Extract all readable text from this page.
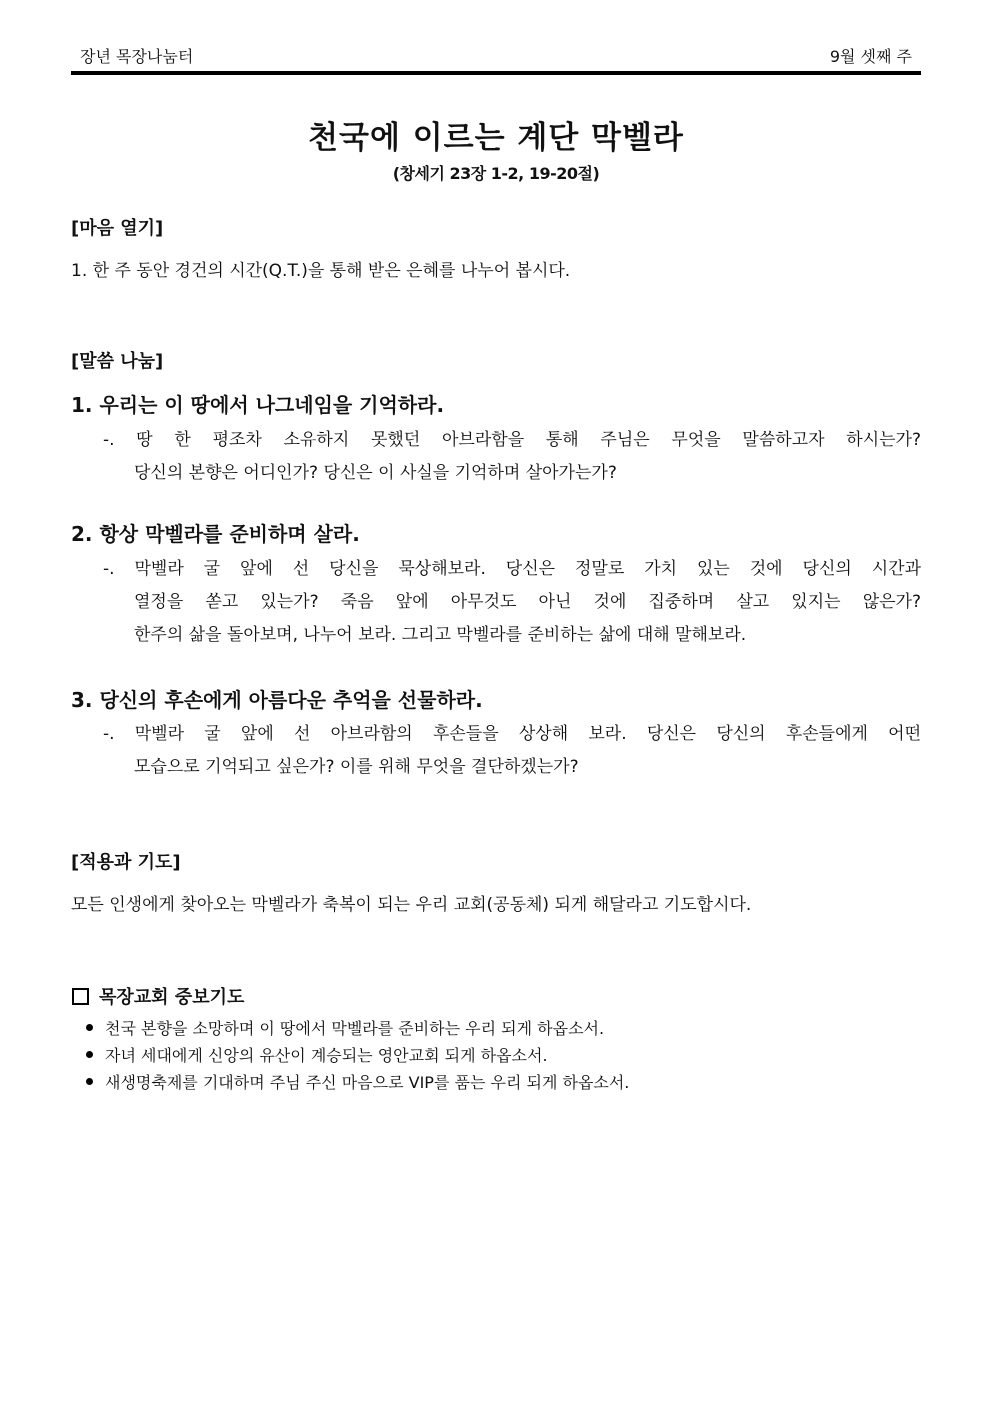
장년 목장나눔터	9월 셋째 주
천국에 이르는 계단 막벨라
(창세기 23장 1-2, 19-20절)
[마음 열기]
1. 한 주 동안 경건의 시간(Q.T.)을 통해 받은 은혜를 나누어 봅시다.
[말씀 나눔]
1. 우리는 이 땅에서 나그네임을 기억하라.
-. 땅 한 평조차 소유하지 못했던 아브라함을 통해 주님은 무엇을 말씀하고자 하시는가?
당신의 본향은 어디인가? 당신은 이 사실을 기억하며 살아가는가?
2. 항상 막벨라를 준비하며 살라.
-. 막벨라 굴 앞에 선 당신을 묵상해보라. 당신은 정말로 가치 있는 것에 당신의 시간과
열정을 쏟고 있는가? 죽음 앞에 아무것도 아닌 것에 집중하며 살고 있지는 않은가?
한주의 삶을 돌아보며, 나누어 보라. 그리고 막벨라를 준비하는 삶에 대해 말해보라.
3. 당신의 후손에게 아름다운 추억을 선물하라.
-. 막벨라 굴 앞에 선 아브라함의 후손들을 상상해 보라. 당신은 당신의 후손들에게 어떤
모습으로 기억되고 싶은가? 이를 위해 무엇을 결단하겠는가?
[적용과 기도]
모든 인생에게 찾아오는 막벨라가 축복이 되는 우리 교회(공동체) 되게 해달라고 기도합시다.
목장교회 중보기도
천국 본향을 소망하며 이 땅에서 막벨라를 준비하는 우리 되게 하옵소서.
자녀 세대에게 신앙의 유산이 계승되는 영안교회 되게 하옵소서.
새생명축제를 기대하며 주님 주신 마음으로 VIP를 품는 우리 되게 하옵소서.
